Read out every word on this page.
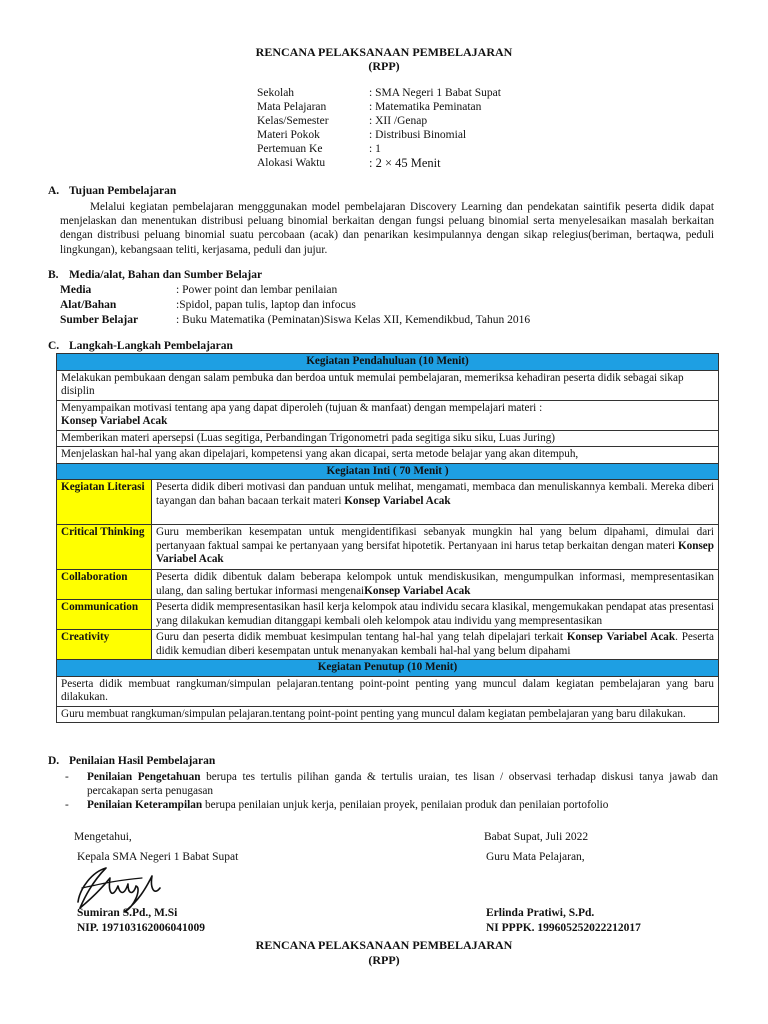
RENCANA PELAKSANAAN PEMBELAJARAN
(RPP)
Sekolah	: SMA Negeri 1 Babat Supat
Mata Pelajaran	: Matematika Peminatan
Kelas/Semester	: XII /Genap
Materi Pokok	: Distribusi Binomial
Pertemuan Ke	: 1
Alokasi Waktu	: 2 × 45 Menit
A. Tujuan Pembelajaran
Melalui kegiatan pembelajaran mengggunakan model pembelajaran Discovery Learning dan pendekatan saintifik peserta didik dapat menjelaskan dan menentukan distribusi peluang binomial berkaitan dengan fungsi peluang binomial serta menyelesaikan masalah berkaitan dengan distribusi peluang binomial suatu percobaan (acak) dan penarikan kesimpulannya dengan sikap relegius(beriman, bertaqwa, peduli lingkungan), kebangsaan teliti, kerjasama, peduli dan jujur.
B. Media/alat, Bahan dan Sumber Belajar
Media	: Power point dan lembar penilaian
Alat/Bahan	:Spidol, papan tulis, laptop dan infocus
Sumber Belajar	: Buku Matematika (Peminatan)Siswa Kelas XII, Kemendikbud, Tahun 2016
C. Langkah-Langkah Pembelajaran
Kegiatan Pendahuluan (10 Menit)	
Melakukan pembukaan dengan salam pembuka dan berdoa untuk memulai pembelajaran, memeriksa kehadiran peserta didik sebagai sikap disiplin	

Menyampaikan motivasi tentang apa yang dapat diperoleh (tujuan & manfaat) dengan mempelajari materi :
Konsep Variabel Acak	
Memberikan materi apersepsi (Luas segitiga, Perbandingan Trigonometri pada segitiga siku siku, Luas Juring)	
Menjelaskan hal-hal yang akan dipelajari, kompetensi yang akan dicapai, serta metode belajar yang akan ditempuh,	
Kegiatan Inti ( 70 Menit )	
Kegiatan Literasi	Peserta didik diberi motivasi dan panduan untuk melihat, mengamati, membaca dan menuliskannya kembali. Mereka diberi tayangan dan bahan bacaan terkait materi Konsep Variabel Acak
Critical Thinking	Guru memberikan kesempatan untuk mengidentifikasi sebanyak mungkin hal yang belum dipahami, dimulai dari pertanyaan faktual sampai ke pertanyaan yang bersifat hipotetik. Pertanyaan ini harus tetap berkaitan dengan materi Konsep Variabel Acak
Collaboration	Peserta didik dibentuk dalam beberapa kelompok untuk mendiskusikan, mengumpulkan informasi, mempresentasikan ulang, dan saling bertukar informasi mengenaiKonsep Variabel Acak
Communication	Peserta didik mempresentasikan hasil kerja kelompok atau individu secara klasikal, mengemukakan pendapat atas presentasi yang dilakukan kemudian ditanggapi kembali oleh kelompok atau individu yang mempresentasikan
Creativity	Guru dan peserta didik membuat kesimpulan tentang hal-hal yang telah dipelajari terkait Konsep Variabel Acak. Peserta didik kemudian diberi kesempatan untuk menanyakan kembali hal-hal yang belum dipahami
Kegiatan Penutup (10 Menit)	
Peserta didik membuat rangkuman/simpulan pelajaran.tentang point-point penting yang muncul dalam kegiatan pembelajaran yang baru dilakukan.	
Guru membuat rangkuman/simpulan pelajaran.tentang point-point penting yang muncul dalam kegiatan pembelajaran yang baru dilakukan.	
D. Penilaian Hasil Pembelajaran
-	Penilaian Pengetahuan berupa tes tertulis pilihan ganda & tertulis uraian, tes lisan / observasi terhadap diskusi tanya jawab dan percakapan serta penugasan
-	Penilaian Keterampilan berupa penilaian unjuk kerja, penilaian proyek, penilaian produk dan penilaian portofolio
Mengetahui,
Kepala SMA Negeri 1 Babat Supat
Babat Supat, Juli 2022
Guru Mata Pelajaran,
Sumiran S.Pd., M.Si
NIP. 197103162006041009
Erlinda Pratiwi, S.Pd.
NI PPPK. 199605252022212017
RENCANA PELAKSANAAN PEMBELAJARAN
(RPP)
